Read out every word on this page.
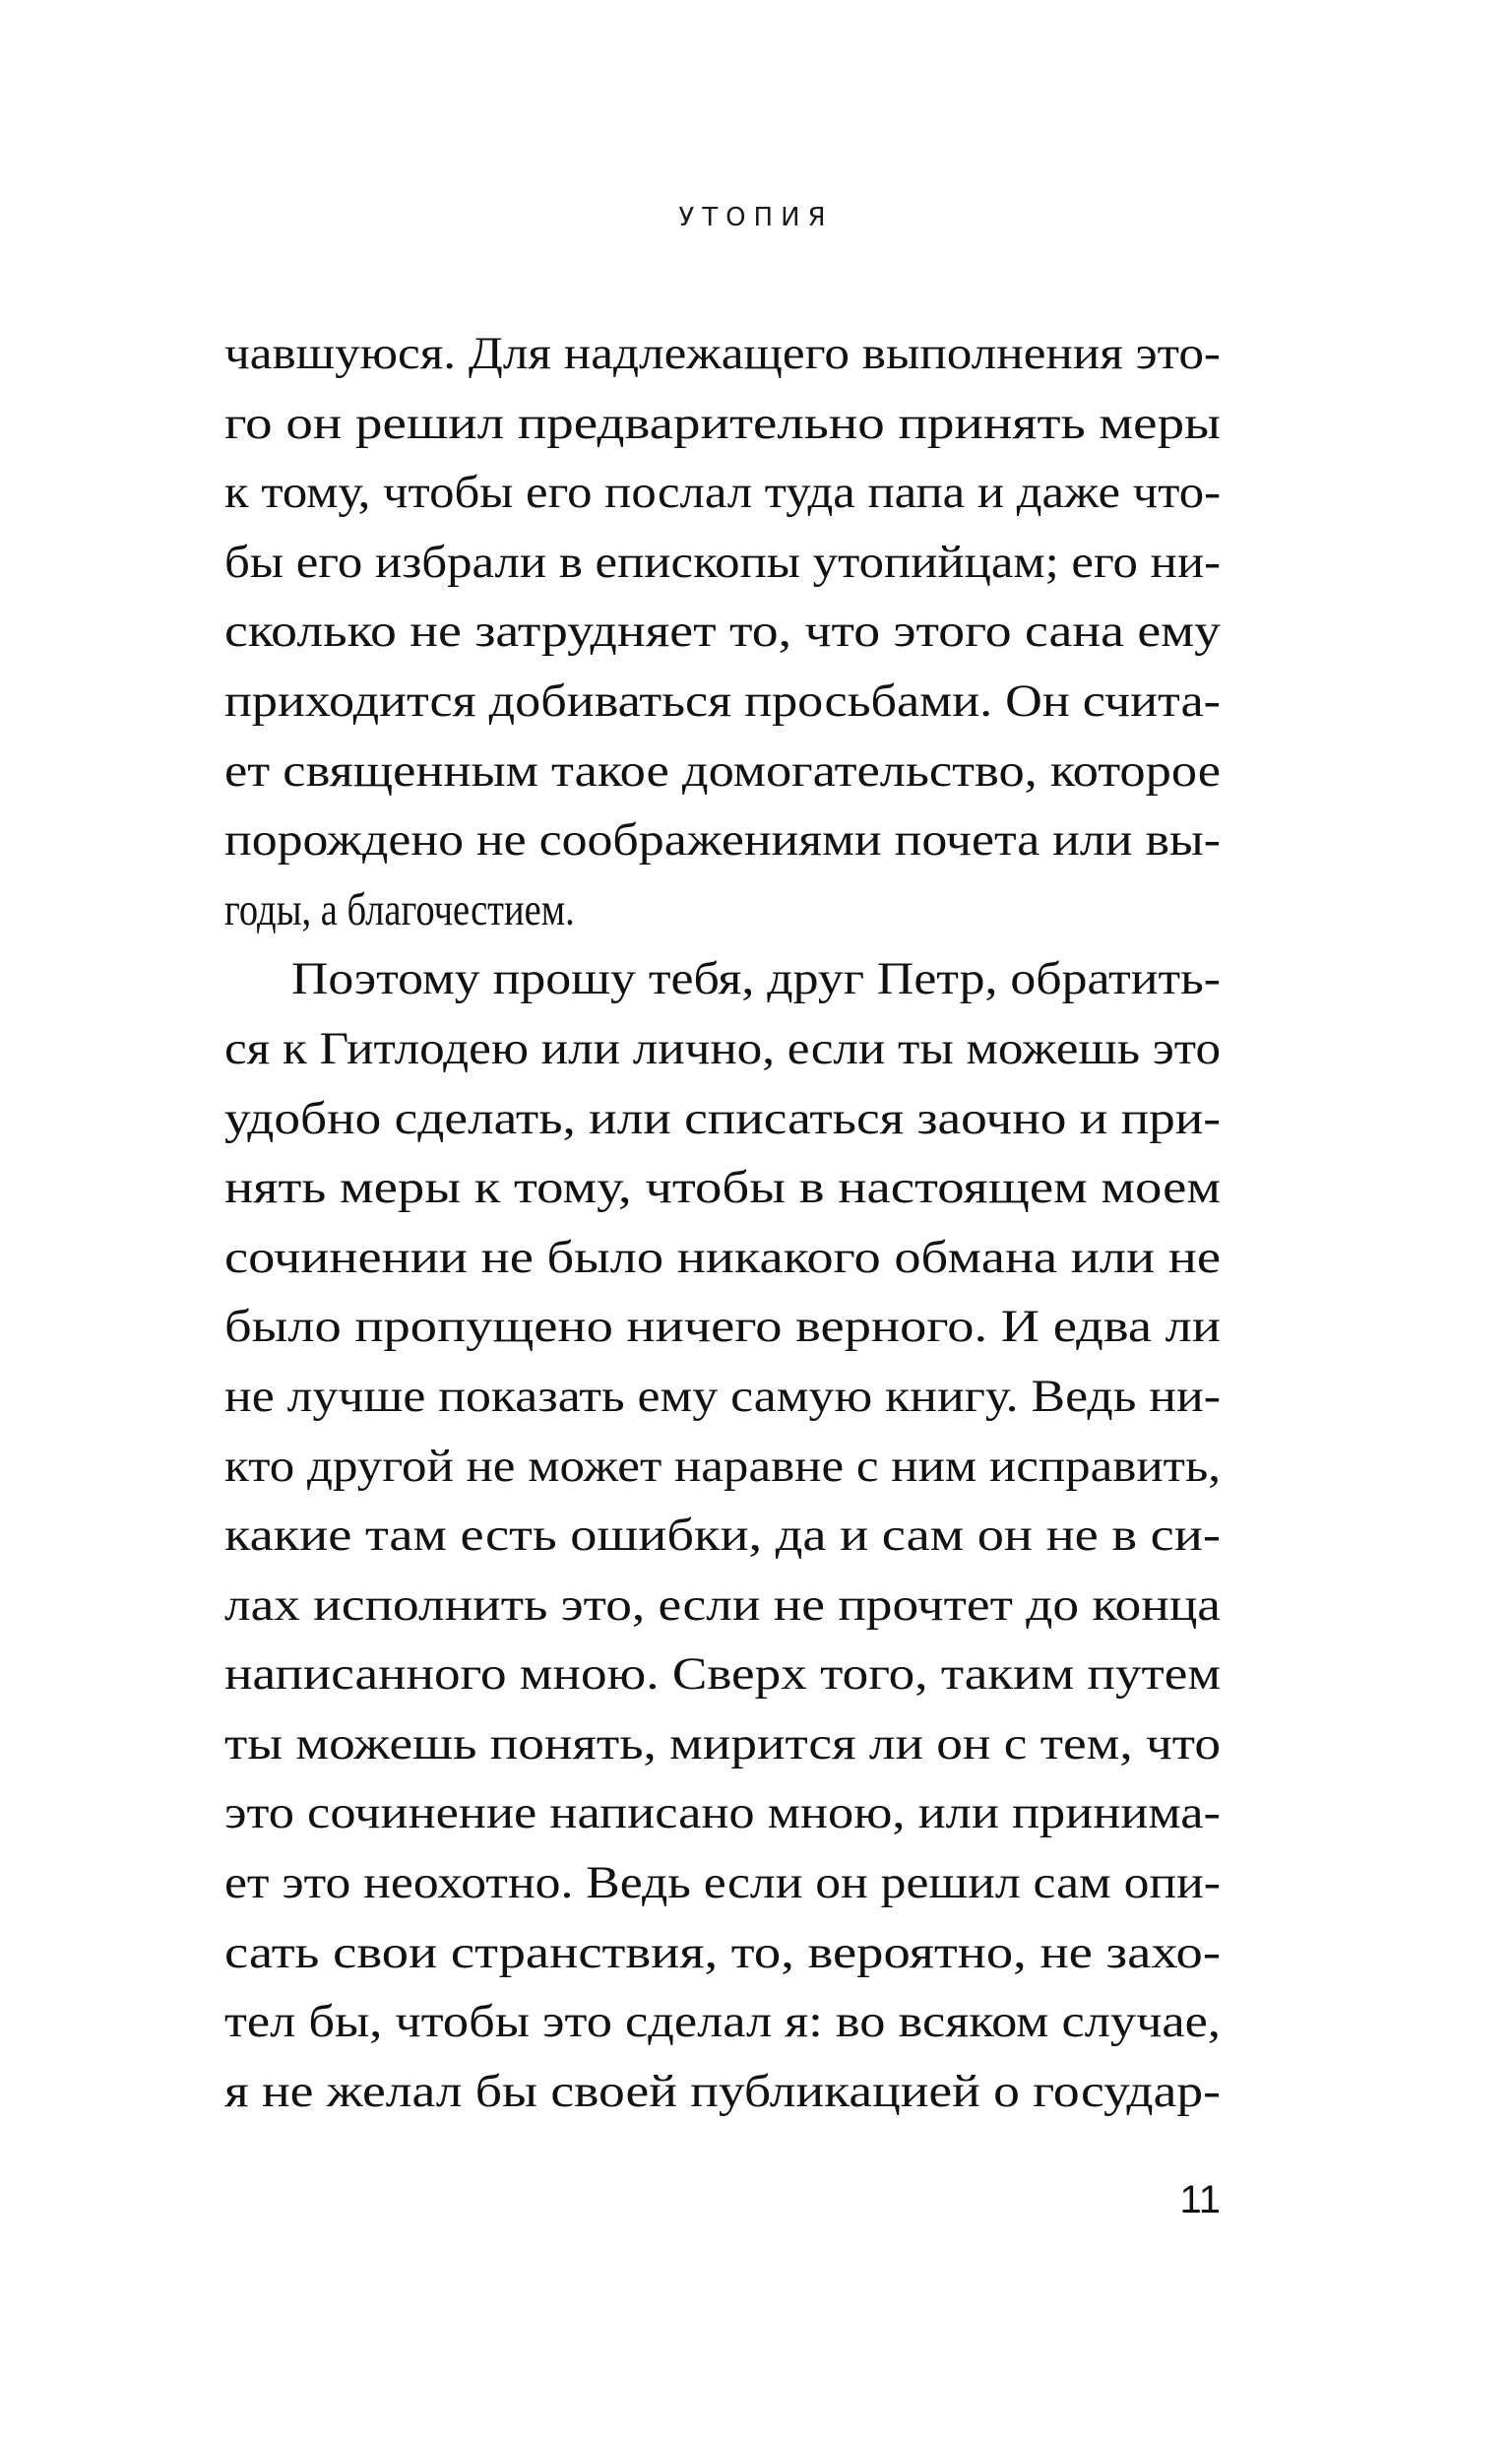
УТОПИЯ
чавшуюся. Для надлежащего выполнения это-
го он решил предварительно принять меры
к тому, чтобы его послал туда папа и даже что-
бы его избрали в епископы утопийцам; его ни-
сколько не затрудняет то, что этого сана ему
приходится добиваться просьбами. Он счита-
ет священным такое домогательство, которое
порождено не соображениями почета или вы-
годы, а благочестием.
Поэтому прошу тебя, друг Петр, обратить-
ся к Гитлодею или лично, если ты можешь это
удобно сделать, или списаться заочно и при-
нять меры к тому, чтобы в настоящем моем
сочинении не было никакого обмана или не
было пропущено ничего верного. И едва ли
не лучше показать ему самую книгу. Ведь ни-
кто другой не может наравне с ним исправить,
какие там есть ошибки, да и сам он не в си-
лах исполнить это, если не прочтет до конца
написанного мною. Сверх того, таким путем
ты можешь понять, мирится ли он с тем, что
это сочинение написано мною, или принима-
ет это неохотно. Ведь если он решил сам опи-
сать свои странствия, то, вероятно, не захо-
тел бы, чтобы это сделал я: во всяком случае,
я не желал бы своей публикацией о государ-
11
